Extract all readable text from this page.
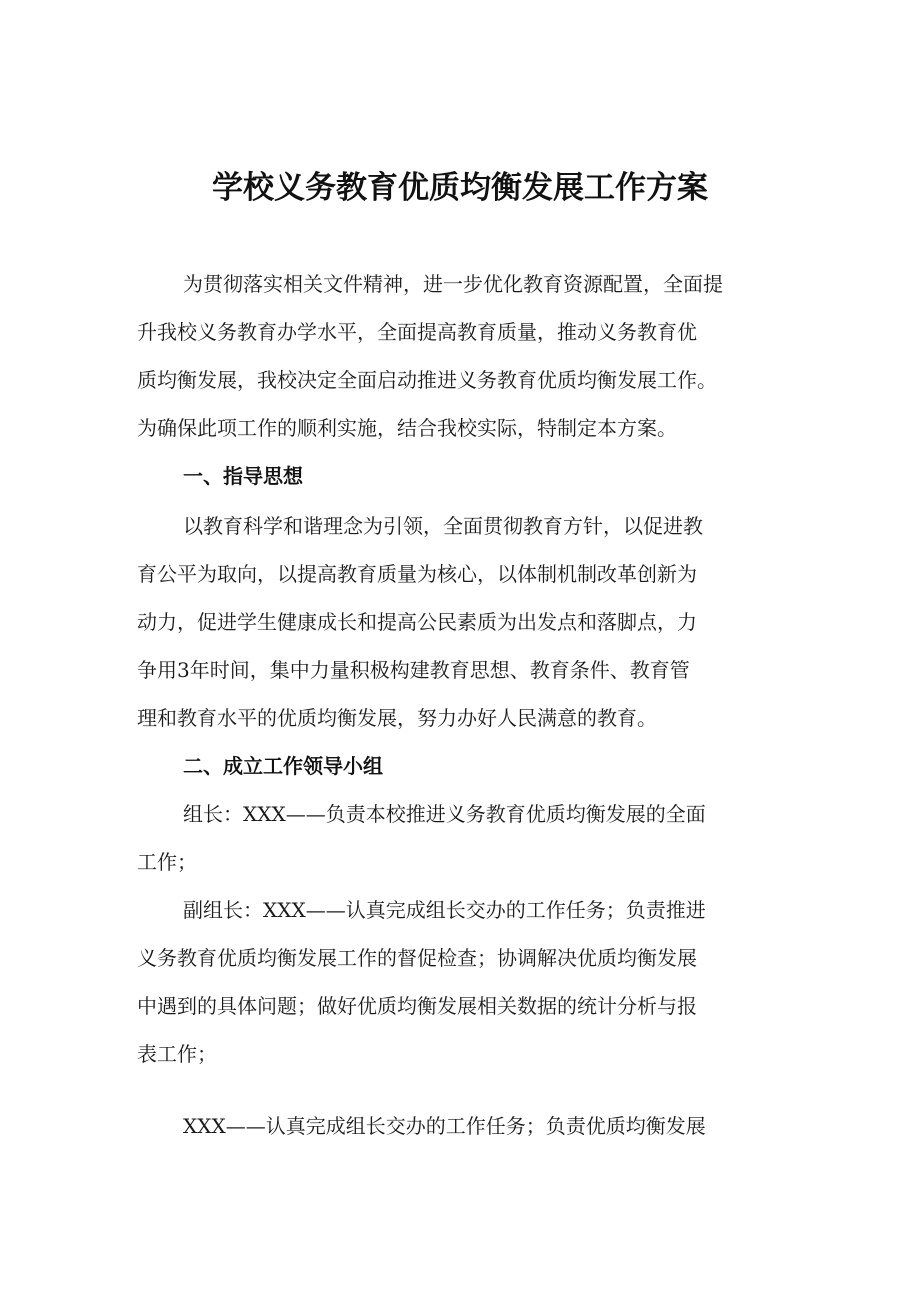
学校义务教育优质均衡发展工作方案
为贯彻落实相关文件精神，进一步优化教育资源配置，全面提
升我校义务教育办学水平，全面提高教育质量，推动义务教育优
质均衡发展，我校决定全面启动推进义务教育优质均衡发展工作。
为确保此项工作的顺利实施，结合我校实际，特制定本方案。
一、指导思想
以教育科学和谐理念为引领，全面贯彻教育方针，以促进教
育公平为取向，以提高教育质量为核心，以体制机制改革创新为
动力，促进学生健康成长和提高公民素质为出发点和落脚点，力
争用3年时间，集中力量积极构建教育思想、教育条件、教育管
理和教育水平的优质均衡发展，努力办好人民满意的教育。
二、成立工作领导小组
组长：XXX——负责本校推进义务教育优质均衡发展的全面
工作；
副组长：XXX——认真完成组长交办的工作任务；负责推进
义务教育优质均衡发展工作的督促检查；协调解决优质均衡发展
中遇到的具体问题；做好优质均衡发展相关数据的统计分析与报
表工作；
XXX——认真完成组长交办的工作任务；负责优质均衡发展
